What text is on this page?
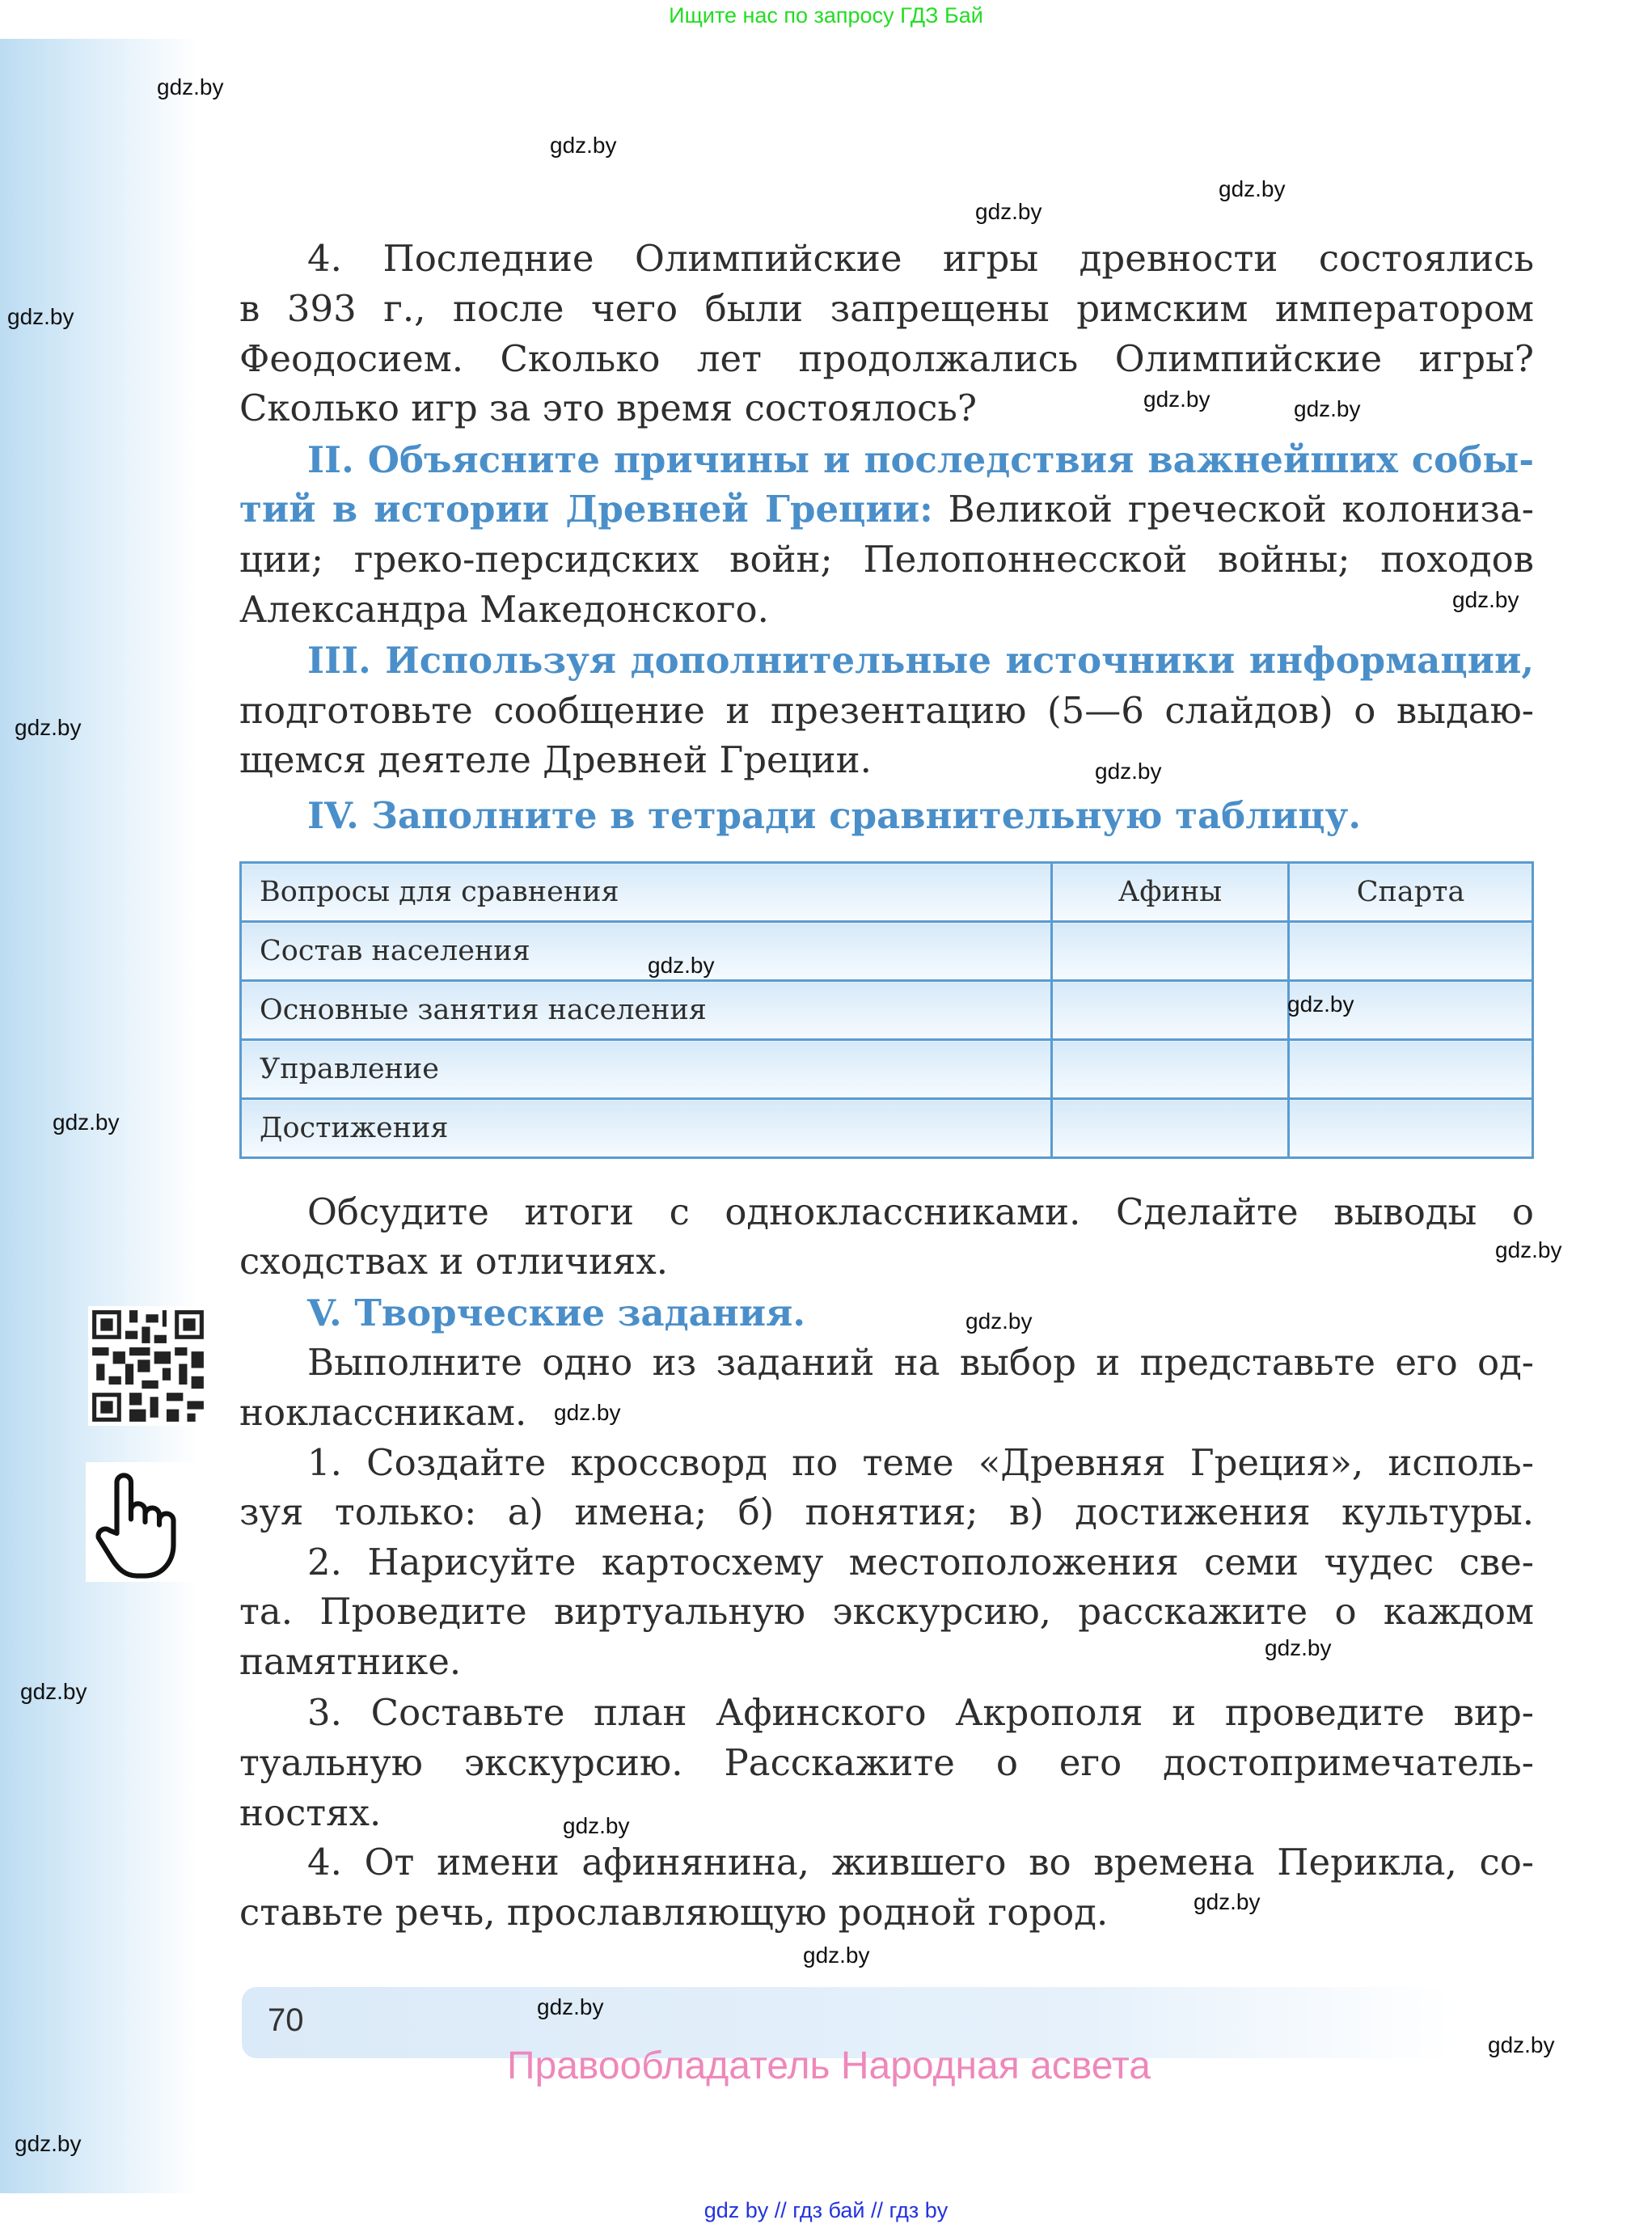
Ищите нас по запросу ГДЗ Бай
4. Последние Олимпийские игры древности состоялись
в 393 г., после чего были запрещены римским императором
Феодосием. Сколько лет продолжались Олимпийские игры?
Сколько игр за это время состоялось?
II. Объясните причины и последствия важнейших собы-
тий в истории Древней Греции: Великой греческой колониза-
ции; греко-персидских войн; Пелопоннесской войны; походов
Александра Македонского.
III. Используя дополнительные источники информации,
подготовьте сообщение и презентацию (5—6 слайдов) о выдаю-
щемся деятеле Древней Греции.
IV. Заполните в тетради сравнительную таблицу.
Обсудите итоги с одноклассниками. Сделайте выводы о
сходствах и отличиях.
V. Творческие задания.
Выполните одно из заданий на выбор и представьте его од-
ноклассникам.
1. Создайте кроссворд по теме «Древняя Греция», исполь-
зуя только: а) имена; б) понятия; в) достижения культуры.
2. Нарисуйте картосхему местоположения семи чудес све-
та. Проведите виртуальную экскурсию, расскажите о каждом
памятнике.
3. Составьте план Афинского Акрополя и проведите вир-
туальную экскурсию. Расскажите о его достопримечатель-
ностях.
4. От имени афинянина, жившего во времена Перикла, со-
ставьте речь, прославляющую родной город.
Вопросы для сравнения	Афины	Спарта
Состав населения		
Основные занятия населения		
Управление		
Достижения		
70
Правообладатель Народная асвета
gdz by // гдз бай // гдз by
gdz.by
gdz.by
gdz.by
gdz.by
gdz.by
gdz.by	gdz.by
gdz.by
gdz.by
gdz.by
gdz.by
gdz.by
gdz.by
gdz.by
gdz.by
gdz.by
gdz.by
gdz.by
gdz.by
gdz.by
gdz.by
gdz.by
gdz.by
gdz.by
